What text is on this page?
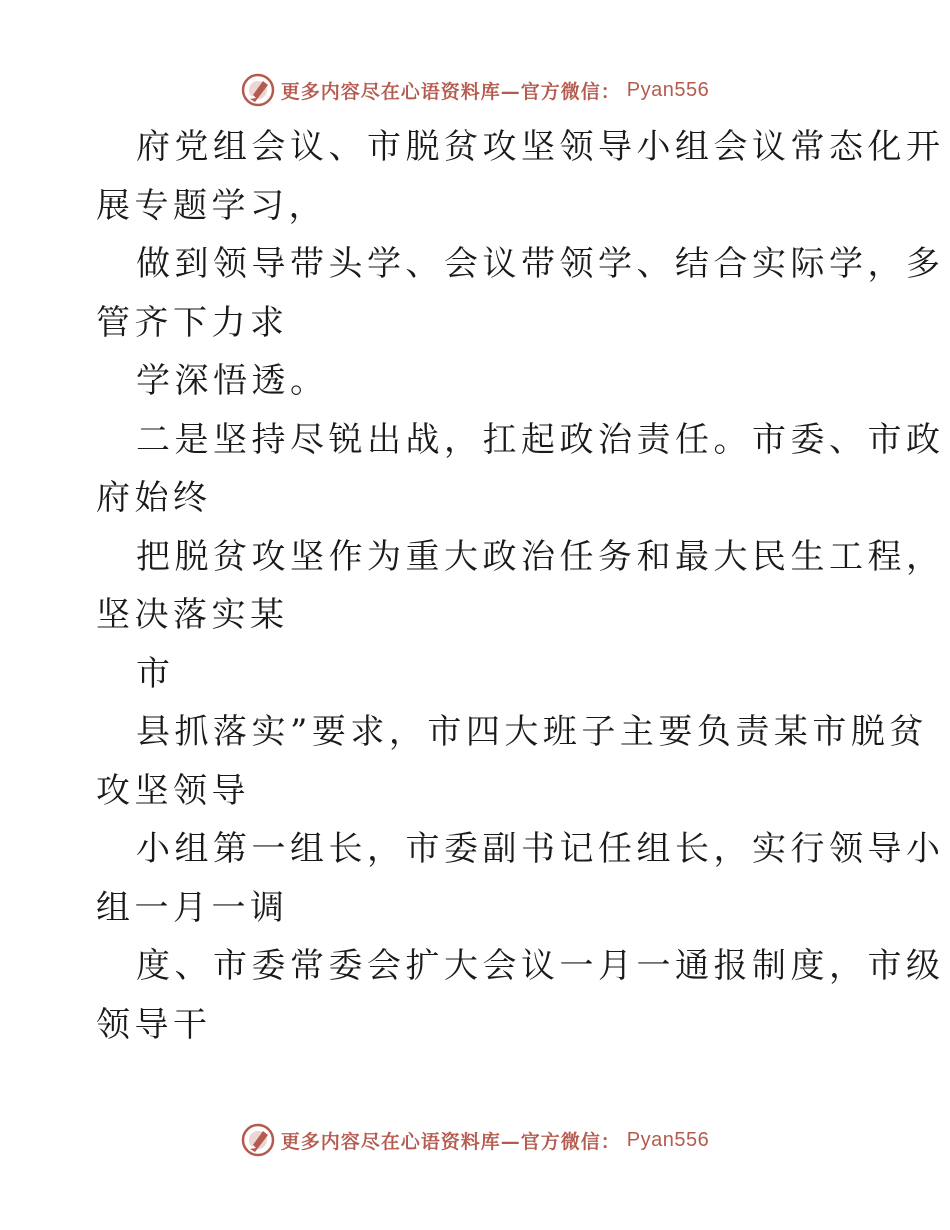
更多内容尽在心语资料库—官方微信： Pyan556
府党组会议、市脱贫攻坚领导小组会议常态化开
展专题学习，
做到领导带头学、会议带领学、结合实际学，多
管齐下力求
学深悟透。
二是坚持尽锐出战，扛起政治责任。市委、市政
府始终
把脱贫攻坚作为重大政治任务和最大民生工程，
坚决落实某
市
县抓落实”要求，市四大班子主要负责某市脱贫
攻坚领导
小组第一组长，市委副书记任组长，实行领导小
组一月一调
度、市委常委会扩大会议一月一通报制度，市级
领导干
更多内容尽在心语资料库—官方微信： Pyan556
